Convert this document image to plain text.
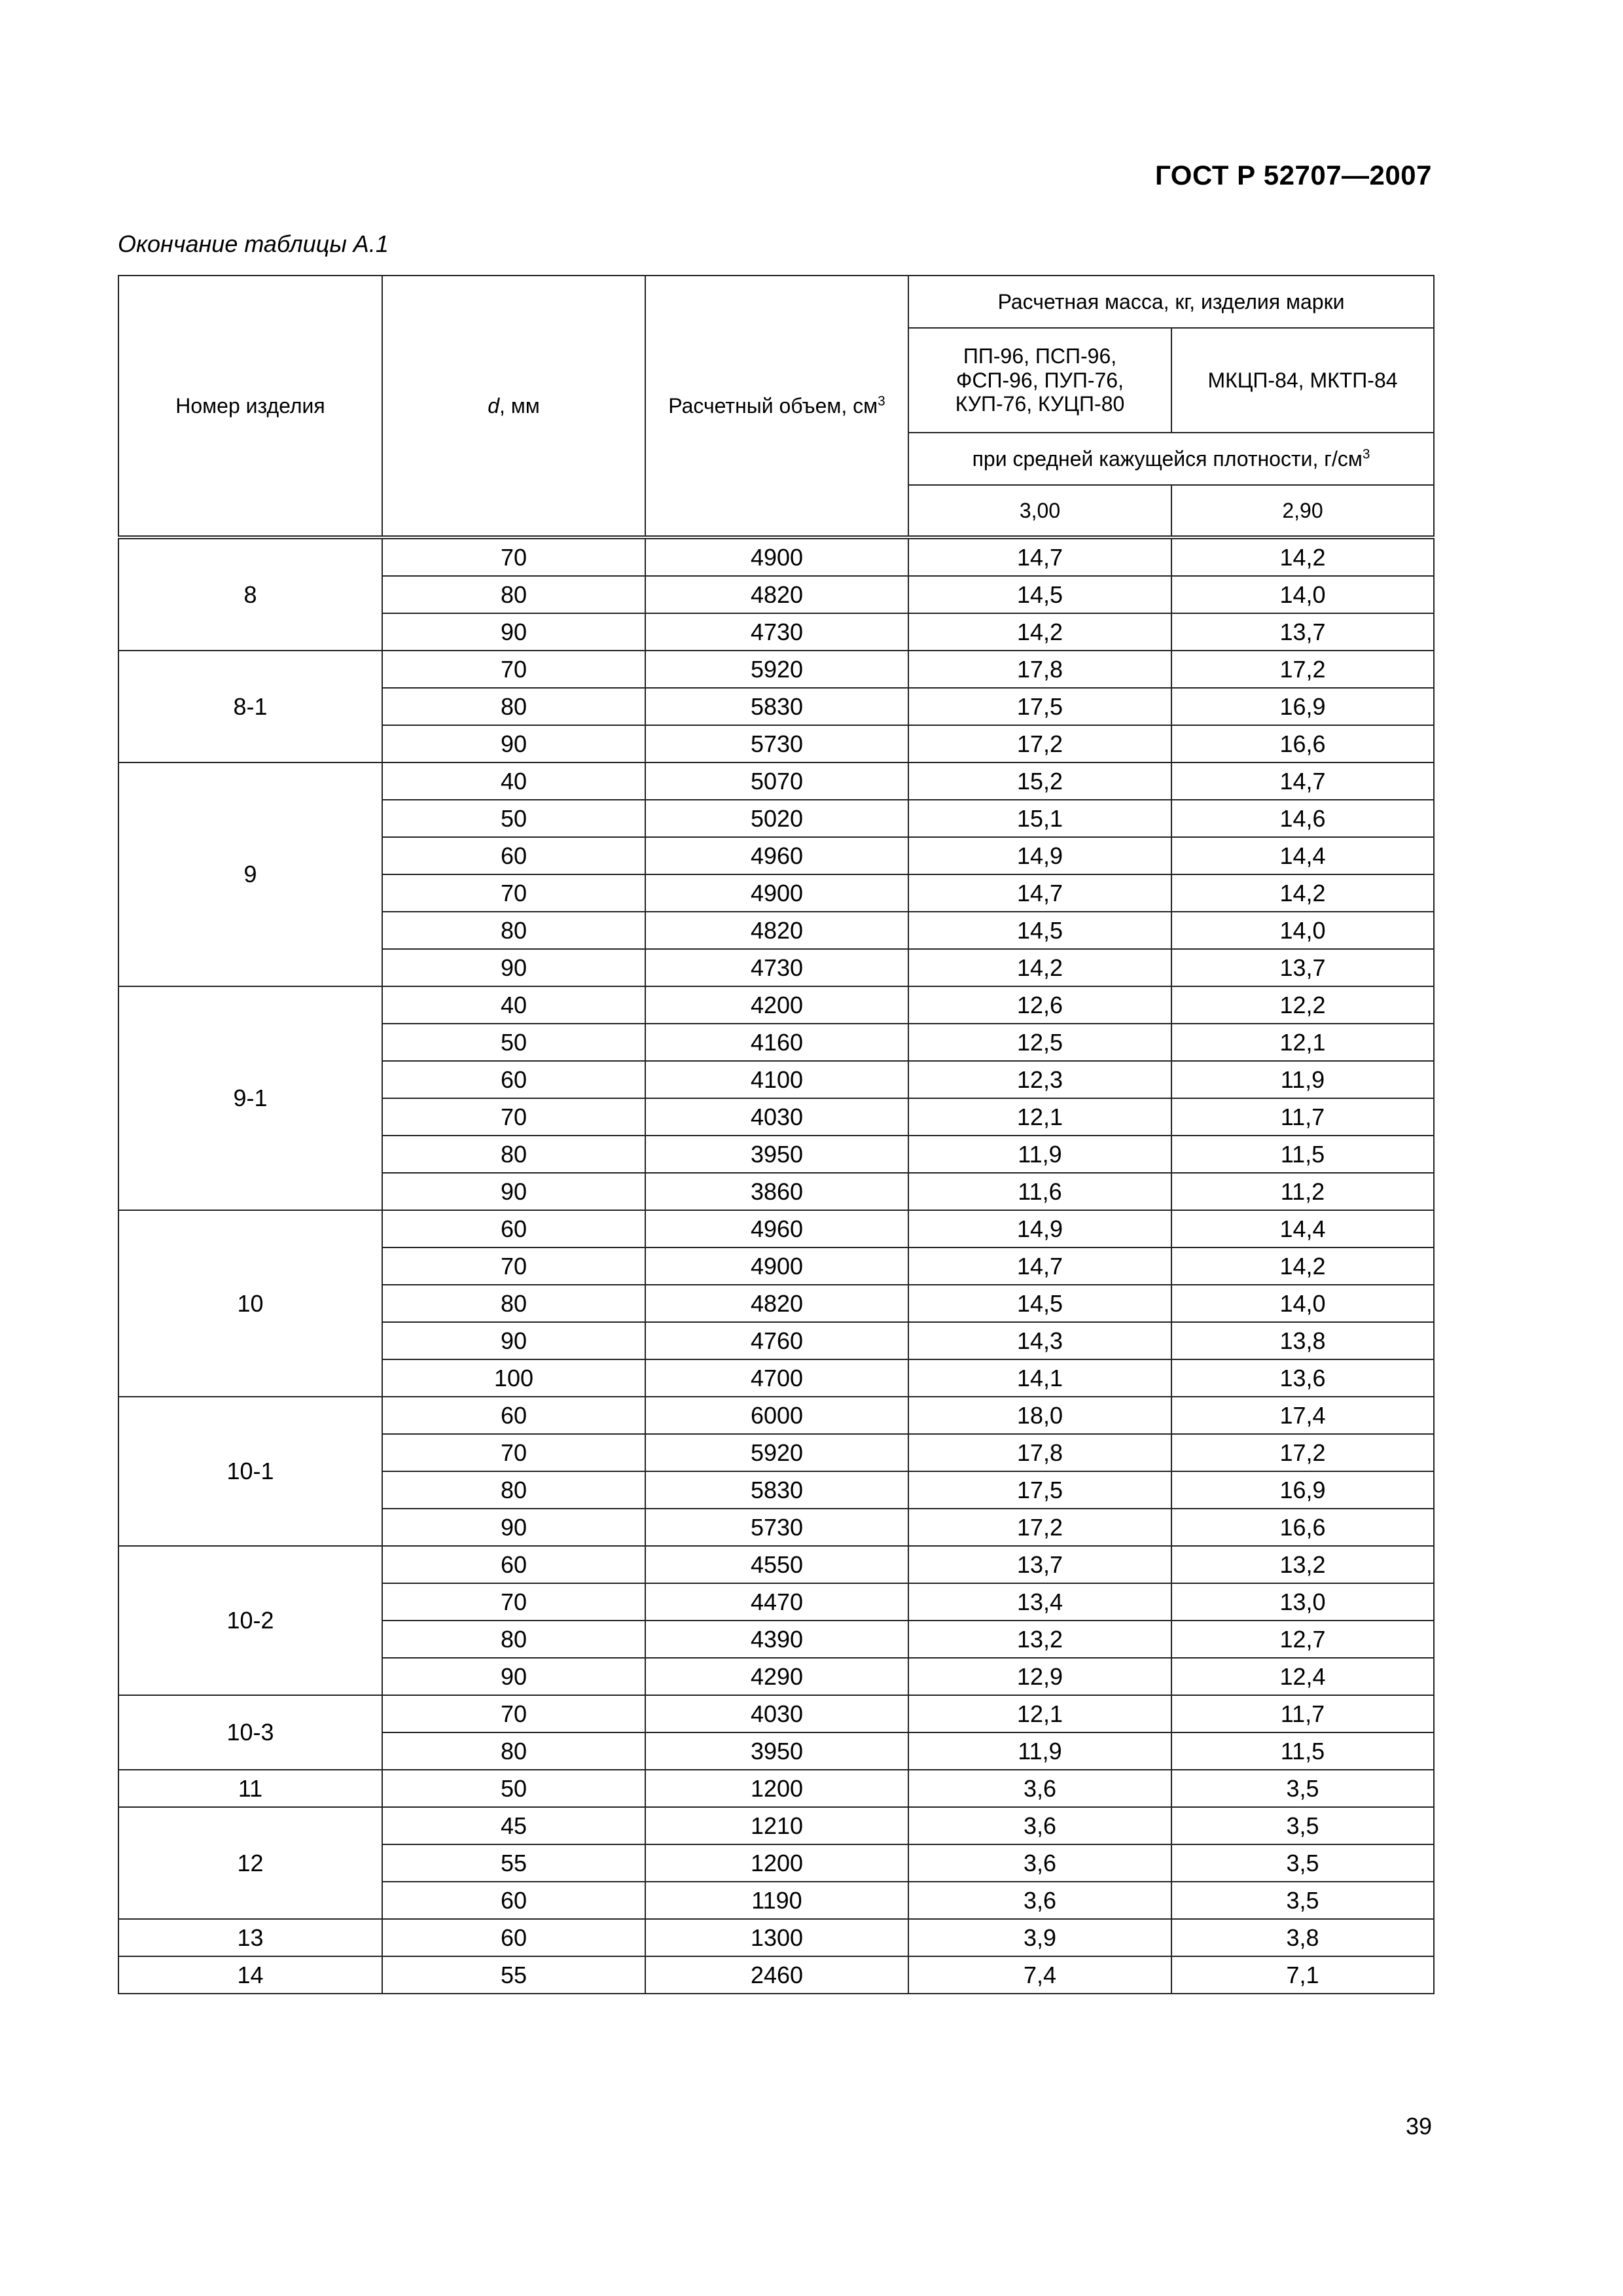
ГОСТ Р 52707—2007
Окончание таблицы А.1
Номер изделия	d, мм	Расчетный объем, $см^3$	Расчетная масса, кг, изделия марки	
			ПП-96, ПСП-96,
ФСП-96, ПУП-76,
КУП-76, КУЦП-80	МКЦП-84, МКТП-84
			при средней кажущейся плотности, $г/см^3$
			3,00	2,90
8	70	4900	14,7	14,2
	80	4820	14,5	14,0
	90	4730	14,2	13,7
8-1	70	5920	17,8	17,2
	80	5830	17,5	16,9
	90	5730	17,2	16,6
9	40	5070	15,2	14,7
	50	5020	15,1	14,6
	60	4960	14,9	14,4
	70	4900	14,7	14,2
	80	4820	14,5	14,0
	90	4730	14,2	13,7
9-1	40	4200	12,6	12,2
	50	4160	12,5	12,1
	60	4100	12,3	11,9
	70	4030	12,1	11,7
	80	3950	11,9	11,5
	90	3860	11,6	11,2
10	60	4960	14,9	14,4
	70	4900	14,7	14,2
	80	4820	14,5	14,0
	90	4760	14,3	13,8
	100	4700	14,1	13,6
10-1	60	6000	18,0	17,4
	70	5920	17,8	17,2
	80	5830	17,5	16,9
	90	5730	17,2	16,6
10-2	60	4550	13,7	13,2
	70	4470	13,4	13,0
	80	4390	13,2	12,7
	90	4290	12,9	12,4
10-3	70	4030	12,1	11,7
	80	3950	11,9	11,5
11	50	1200	3,6	3,5
12	45	1210	3,6	3,5
	55	1200	3,6	3,5
	60	1190	3,6	3,5
13	60	1300	3,9	3,8
14	55	2460	7,4	7,1
39
